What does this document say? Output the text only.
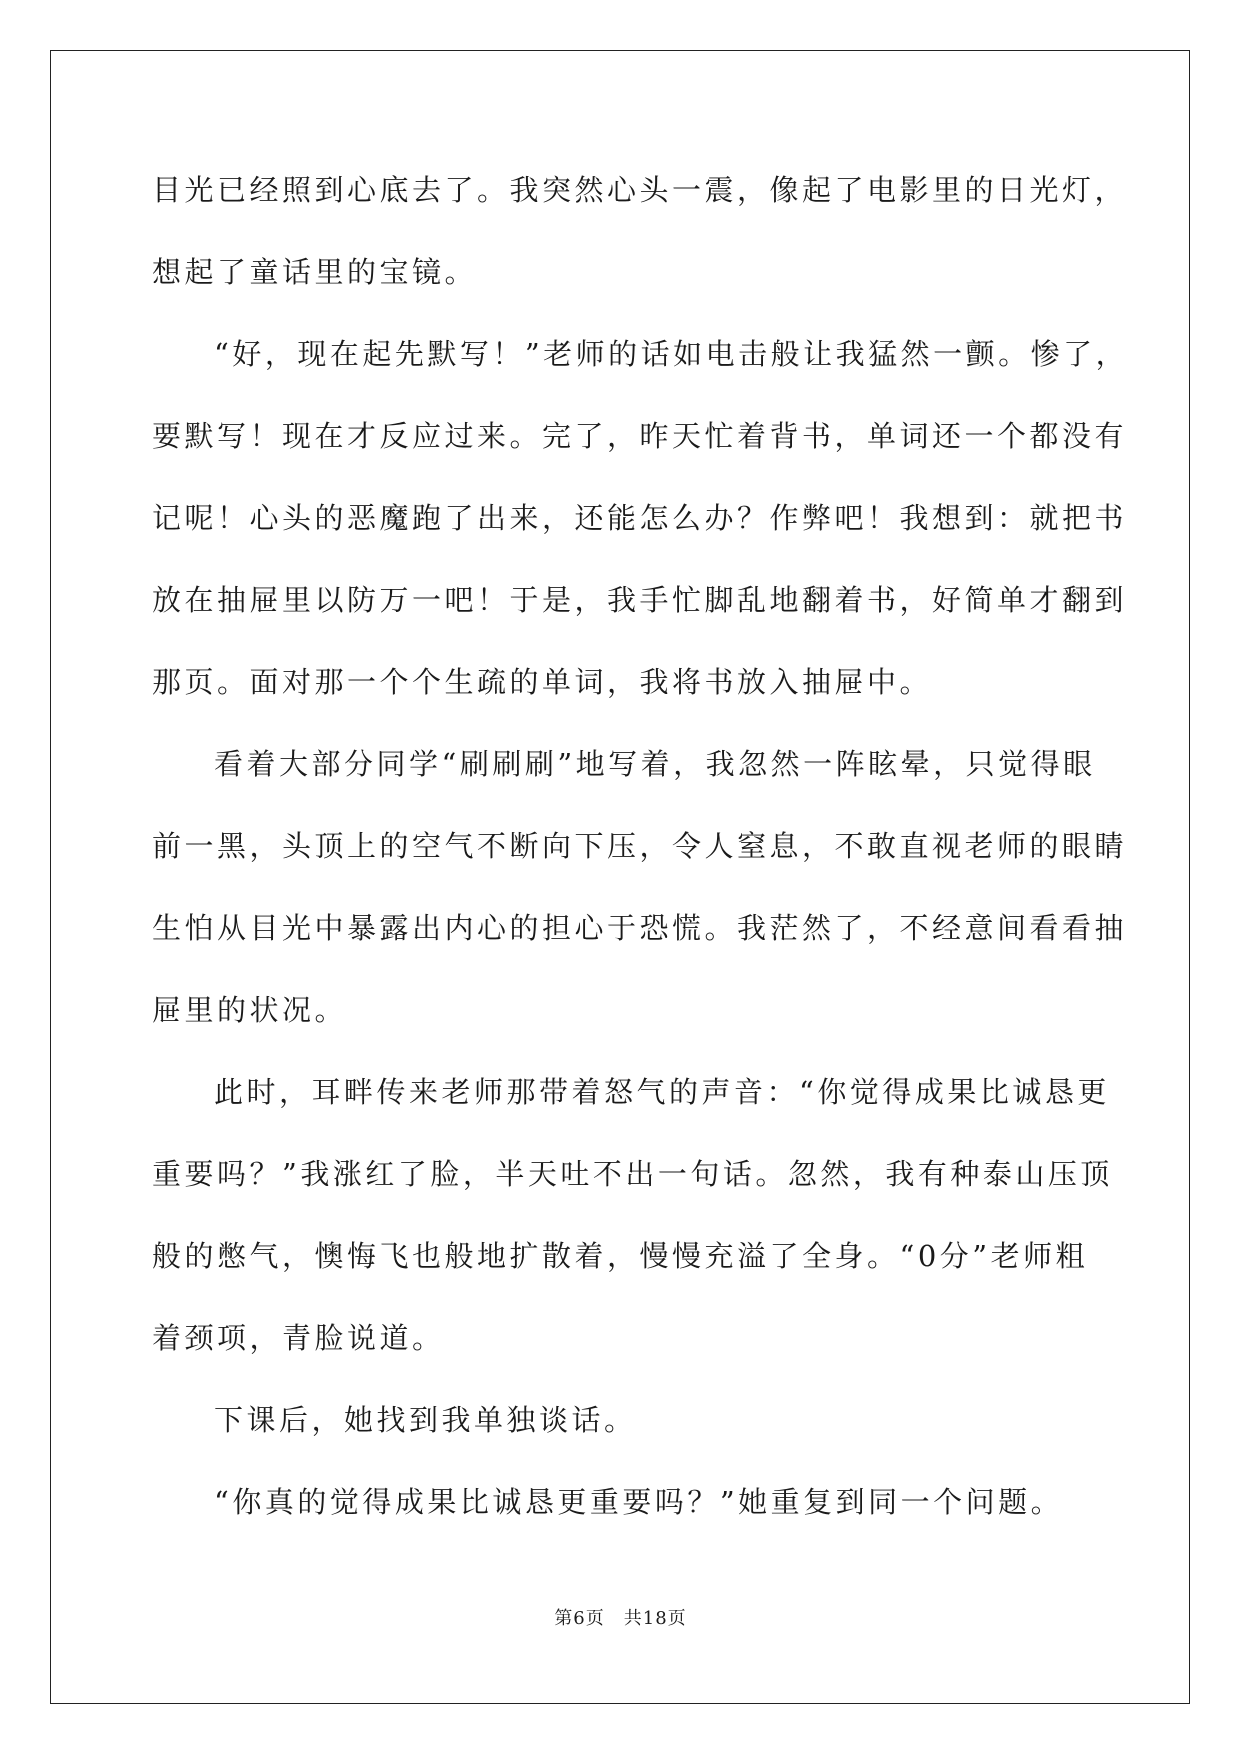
目光已经照到心底去了。我突然心头一震，像起了电影里的日光灯，
想起了童话里的宝镜。
“好，现在起先默写！”老师的话如电击般让我猛然一颤。惨了，
要默写！现在才反应过来。完了，昨天忙着背书，单词还一个都没有
记呢！心头的恶魔跑了出来，还能怎么办？作弊吧！我想到：就把书
放在抽屉里以防万一吧！于是，我手忙脚乱地翻着书，好简单才翻到
那页。面对那一个个生疏的单词，我将书放入抽屉中。
看着大部分同学“刷刷刷”地写着，我忽然一阵眩晕，只觉得眼
前一黑，头顶上的空气不断向下压，令人窒息，不敢直视老师的眼睛
生怕从目光中暴露出内心的担心于恐慌。我茫然了，不经意间看看抽
屉里的状况。
此时，耳畔传来老师那带着怒气的声音：“你觉得成果比诚恳更
重要吗？”我涨红了脸，半天吐不出一句话。忽然，我有种泰山压顶
般的憋气，懊悔飞也般地扩散着，慢慢充溢了全身。“0分”老师粗
着颈项，青脸说道。
下课后，她找到我单独谈话。
“你真的觉得成果比诚恳更重要吗？”她重复到同一个问题。
第6页　共18页
